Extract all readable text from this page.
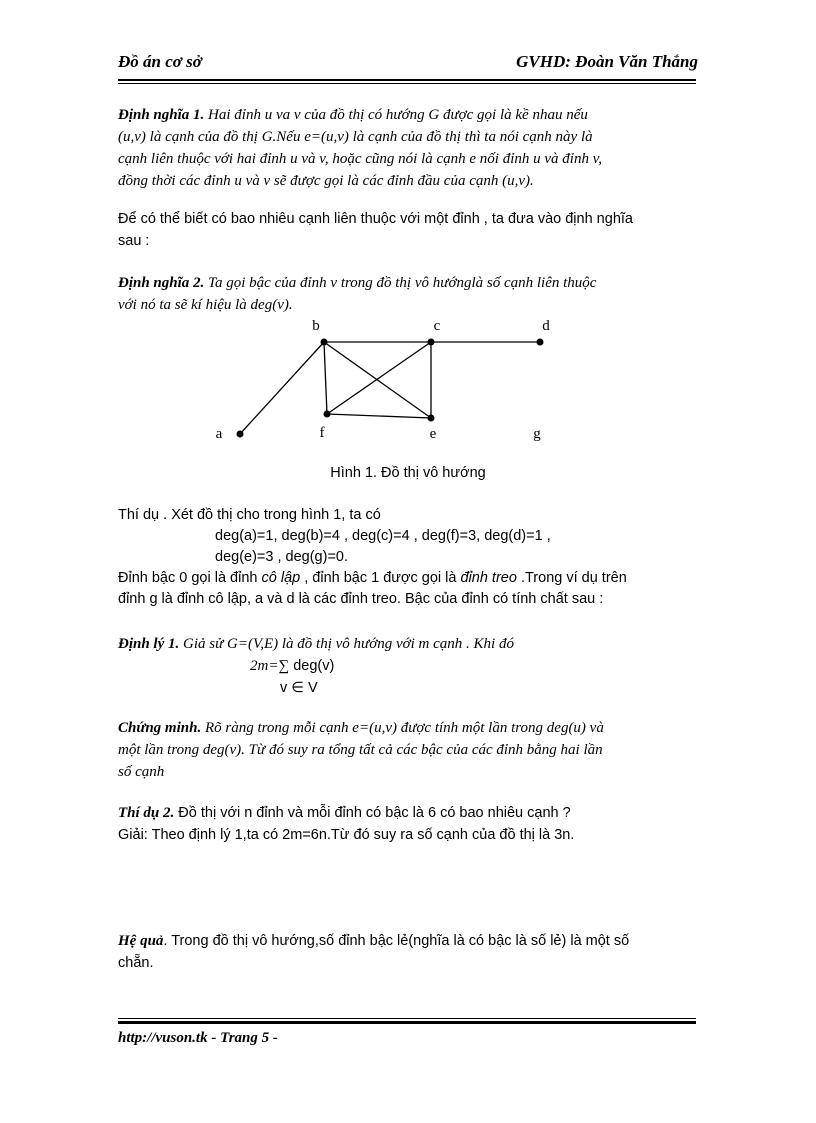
Đồ án cơ sở	GVHD: Đoàn Văn Thắng
Định nghĩa 1. Hai đỉnh u va v của đồ thị có hướng G được gọi là kề nhau nếu
(u,v) là cạnh của đồ thị G.Nếu e=(u,v) là cạnh của đồ thị thì ta nói cạnh này là
cạnh liên thuộc với hai đỉnh u và v, hoặc cũng nói là cạnh e nối đỉnh u và đỉnh v,
đồng thời các đỉnh u và v sẽ được gọi là các đỉnh đầu của cạnh (u,v).
Để có thể biết có bao nhiêu cạnh liên thuộc với một đỉnh , ta đưa vào định nghĩa
sau :
Định nghĩa 2. Ta gọi bậc của đỉnh v trong đồ thị vô hướnglà số cạnh liên thuộc
với nó ta sẽ kí hiệu là deg(v).
a
b	c	d
e
f	g
Hình 1. Đồ thị vô hướng
Thí dụ . Xét đồ thị cho trong hình 1, ta có
deg(a)=1, deg(b)=4 , deg(c)=4 , deg(f)=3, deg(d)=1 ,
deg(e)=3 , deg(g)=0.
Đỉnh bậc 0 gọi là đỉnh cô lập , đỉnh bậc 1 được gọi là đỉnh treo .Trong ví dụ trên
đỉnh g là đỉnh cô lập, a và d là các đỉnh treo. Bậc của đỉnh có tính chất sau :
Định lý 1. Giả sử G=(V,E) là đồ thị vô hướng với m cạnh . Khi đó
2m=∑ deg(v)
v ∈ V
Chứng minh. Rõ ràng trong mỗi cạnh e=(u,v) được tính một lần trong deg(u) và
một lần trong deg(v). Từ đó suy ra tổng tất cả các bậc của các đỉnh bằng hai lần
số cạnh
Thí dụ 2. Đồ thị với n đỉnh và mỗi đỉnh có bậc là 6 có bao nhiêu cạnh ?
Giải: Theo định lý 1,ta có 2m=6n.Từ đó suy ra số cạnh của đồ thị là 3n.
Hệ quả. Trong đồ thị vô hướng,số đỉnh bậc lẻ(nghĩa là có bậc là số lẻ) là một số
chẵn.
http://vuson.tk - Trang 5 -
